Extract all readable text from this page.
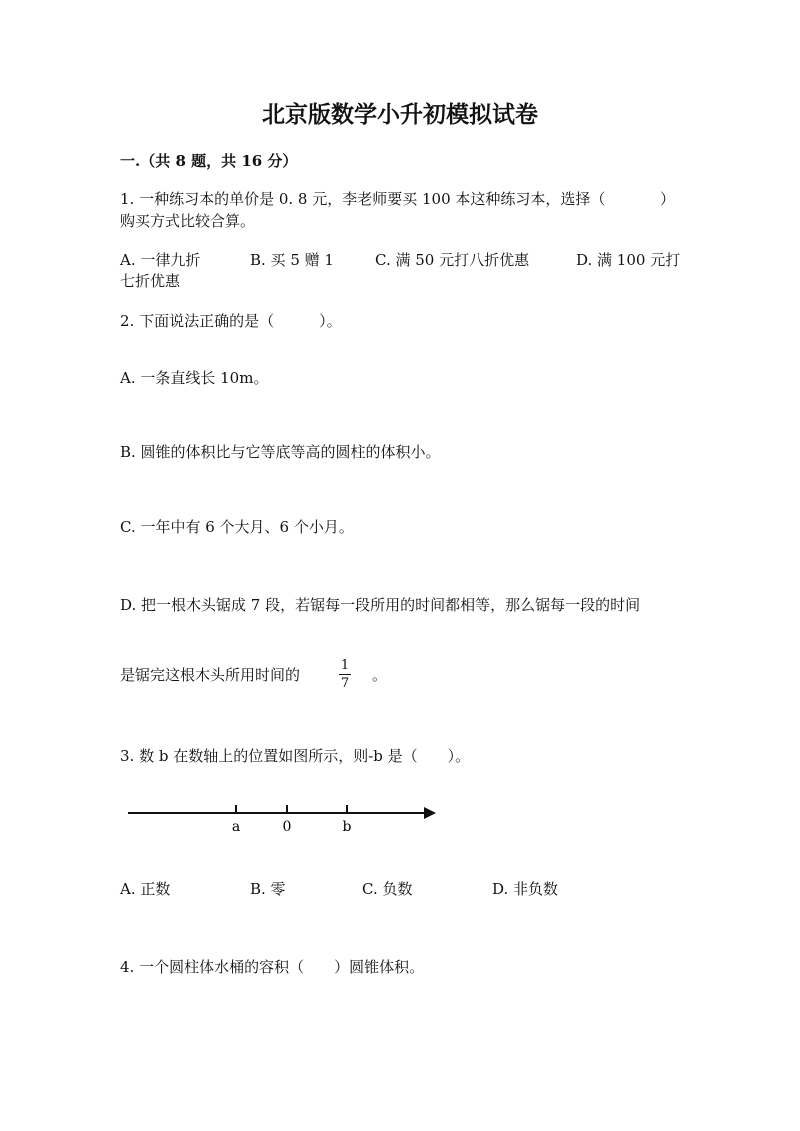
北京版数学小升初模拟试卷
一.（共 8 题，共 16 分）
1. 一种练习本的单价是 0. 8 元，李老师要买 100 本这种练习本，选择（	）
购买方式比较合算。
A. 一律九折	B. 买 5 赠 1	C. 满 50 元打八折优惠	D. 满 100 元打
七折优惠
2. 下面说法正确的是（　　　）。
A. 一条直线长 10m。
B. 圆锥的体积比与它等底等高的圆柱的体积小。
C. 一年中有 6 个大月、6 个小月。
D. 把一根木头锯成 7 段，若锯每一段所用的时间都相等，那么锯每一段的时间
是锯完这根木头所用时间的
1
7 。
3. 数 b 在数轴上的位置如图所示，则-b 是（　　）。
a	0	b
A. 正数	B. 零	C. 负数	D. 非负数
4. 一个圆柱体水桶的容积（　　）圆锥体积。
